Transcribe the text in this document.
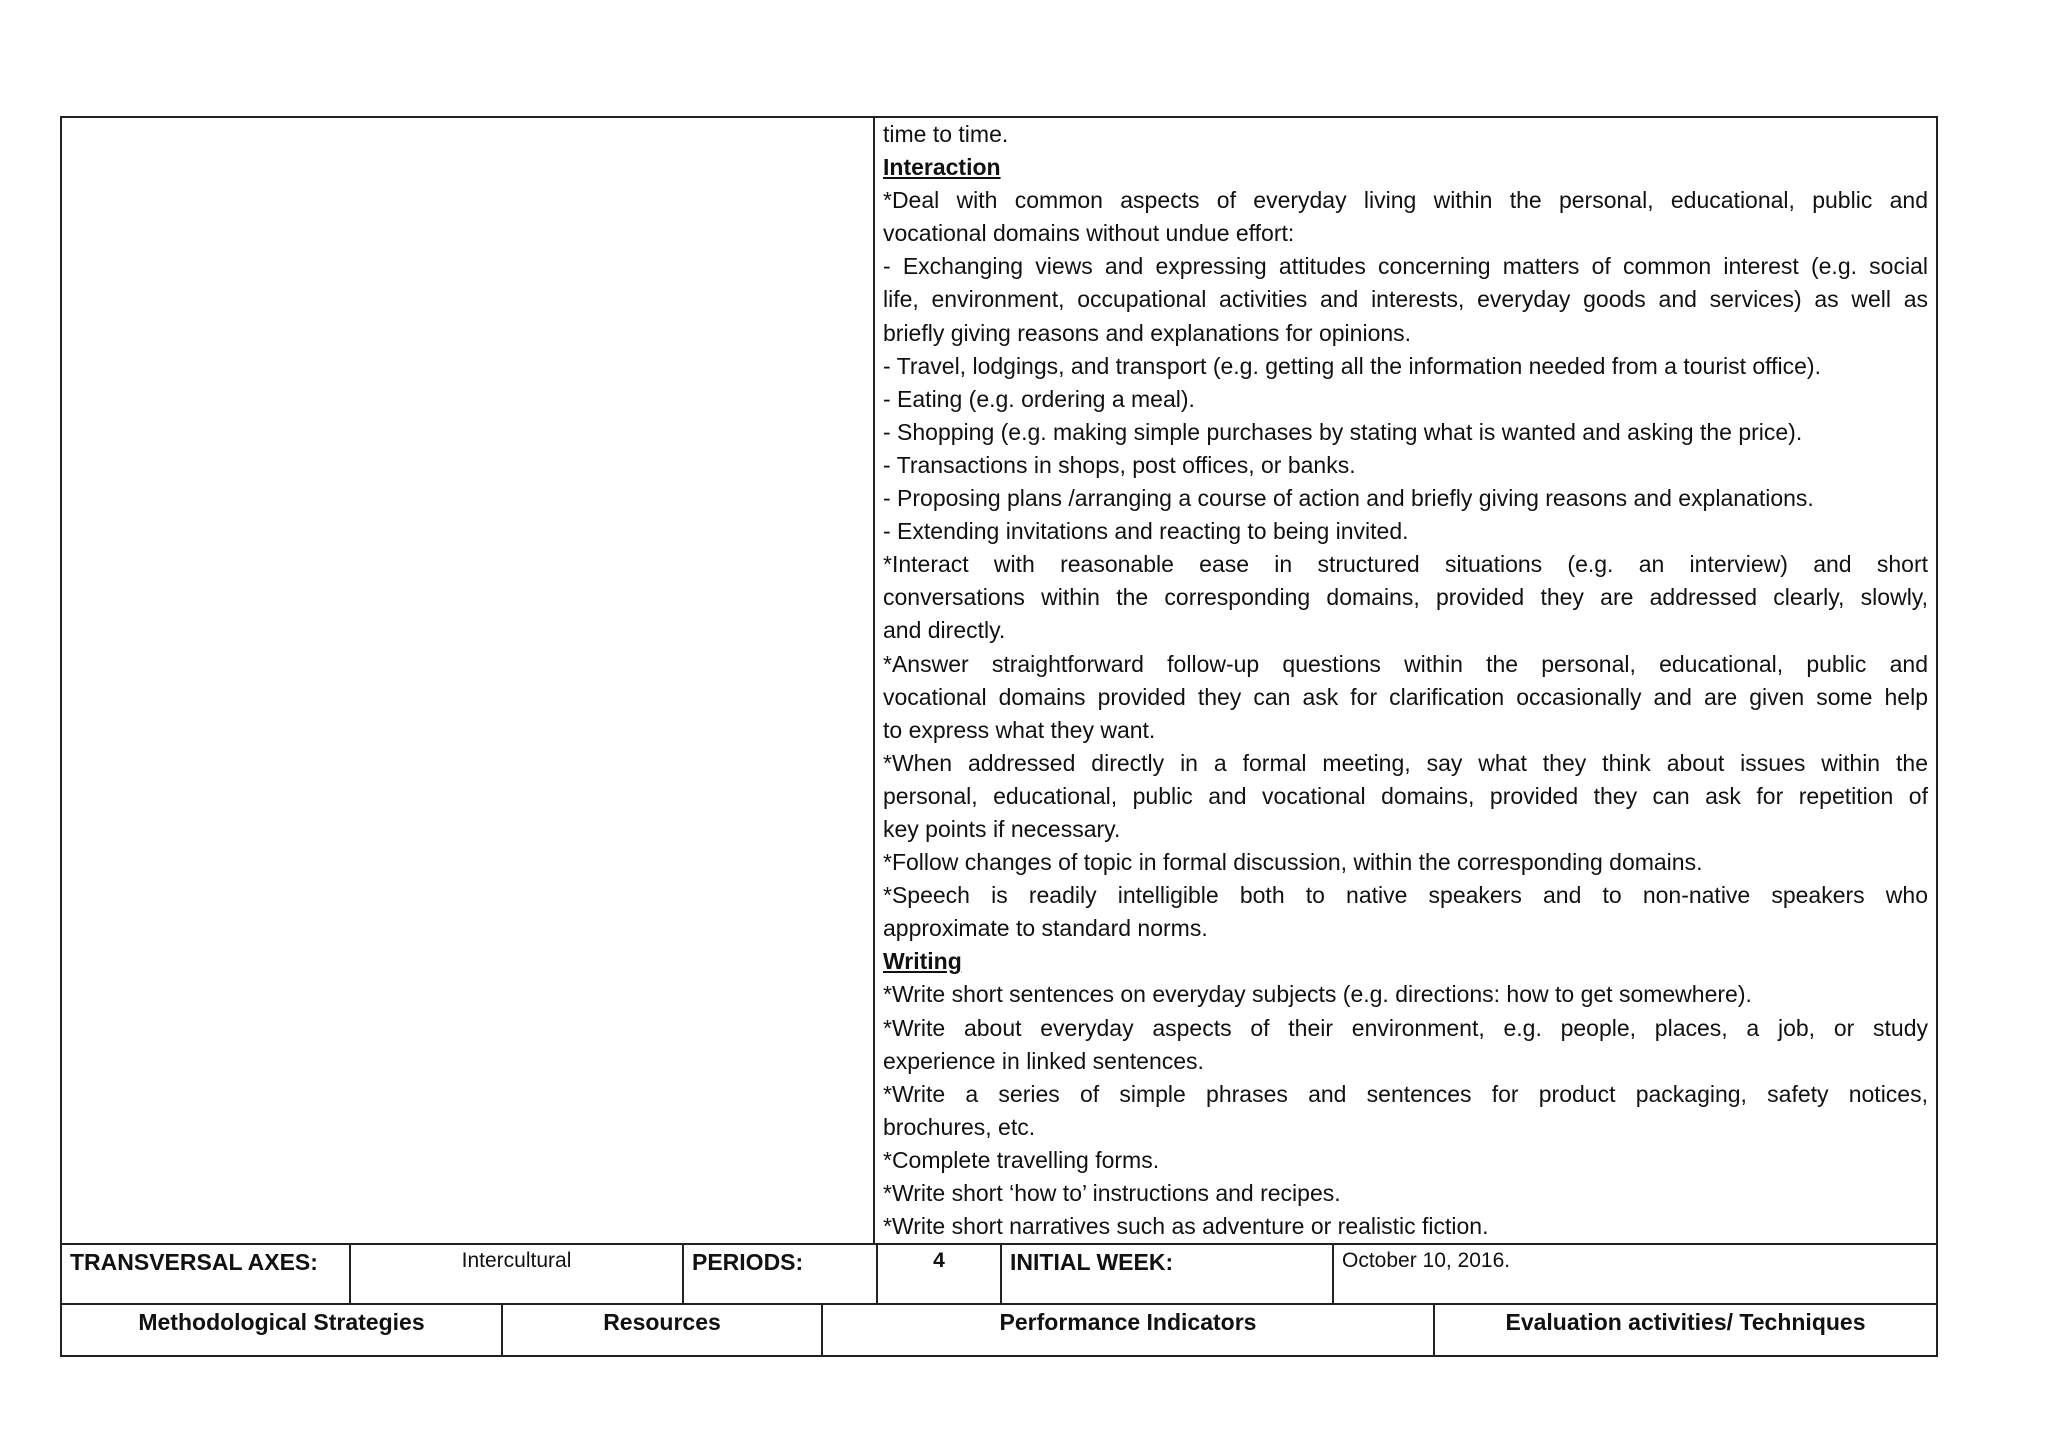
time to time.
Interaction
*Deal with common aspects of everyday living within the personal, educational, public and
vocational domains without undue effort:
- Exchanging views and expressing attitudes concerning matters of common interest (e.g. social
life, environment, occupational activities and interests, everyday goods and services) as well as
briefly giving reasons and explanations for opinions.
- Travel, lodgings, and transport (e.g. getting all the information needed from a tourist office).
- Eating (e.g. ordering a meal).
- Shopping (e.g. making simple purchases by stating what is wanted and asking the price).
- Transactions in shops, post offices, or banks.
- Proposing plans /arranging a course of action and briefly giving reasons and explanations.
- Extending invitations and reacting to being invited.
*Interact with reasonable ease in structured situations (e.g. an interview) and short
conversations within the corresponding domains, provided they are addressed clearly, slowly,
and directly.
*Answer straightforward follow-up questions within the personal, educational, public and
vocational domains provided they can ask for clarification occasionally and are given some help
to express what they want.
*When addressed directly in a formal meeting, say what they think about issues within the
personal, educational, public and vocational domains, provided they can ask for repetition of
key points if necessary.
*Follow changes of topic in formal discussion, within the corresponding domains.
*Speech is readily intelligible both to native speakers and to non-native speakers who
approximate to standard norms.
Writing
*Write short sentences on everyday subjects (e.g. directions: how to get somewhere).
*Write about everyday aspects of their environment, e.g. people, places, a job, or study
experience in linked sentences.
*Write a series of simple phrases and sentences for product packaging, safety notices,
brochures, etc.
*Complete travelling forms.
*Write short ‘how to’ instructions and recipes.
*Write short narratives such as adventure or realistic fiction.
TRANSVERSAL AXES:	Intercultural	PERIODS:	4	INITIAL WEEK:	October 10, 2016.
Methodological Strategies	Resources	Performance Indicators	Evaluation activities/ Techniques
